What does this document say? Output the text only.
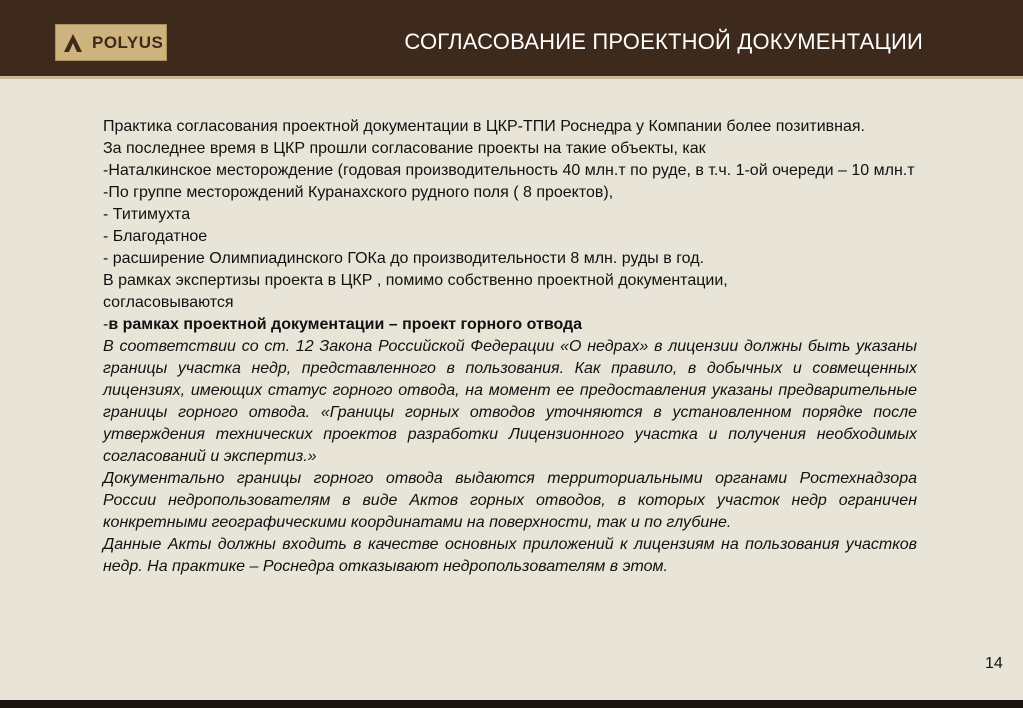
POLYUS	СОГЛАСОВАНИЕ ПРОЕКТНОЙ ДОКУМЕНТАЦИИ

Практика согласования проектной документации в ЦКР-ТПИ Роснедра у Компании более позитивная.

За последнее время в ЦКР прошли согласование проекты на такие объекты, как

-Наталкинское месторождение (годовая производительность 40 млн.т по руде, в т.ч. 1-ой очереди – 10 млн.т

-По группе месторождений Куранахского рудного поля ( 8 проектов),

- Титимухта

- Благодатное

- расширение Олимпиадинского ГОКа до производительности 8 млн. руды в год.

В рамках экспертизы проекта в ЦКР , помимо собственно проектной документации,

согласовываются

-в рамках проектной документации – проект горного отвода

В соответствии со ст. 12 Закона Российской Федерации «О недрах» в лицензии должны быть указаны границы участка недр, представленного в пользования. Как правило, в добычных и совмещенных лицензиях, имеющих статус горного отвода, на момент ее предоставления указаны предварительные границы горного отвода. «Границы горных отводов уточняются в установленном порядке после утверждения технических проектов разработки Лицензионного участка и получения необходимых согласований и экспертиз.»

Документально границы горного отвода выдаются территориальными органами Ростехнадзора России недропользователям в виде Актов горных отводов, в которых участок недр ограничен конкретными географическими координатами на поверхности, так и по глубине.

Данные Акты должны входить в качестве основных приложений к лицензиям на пользования участков недр. На практике – Роснедра отказывают недропользователям в этом.

14
